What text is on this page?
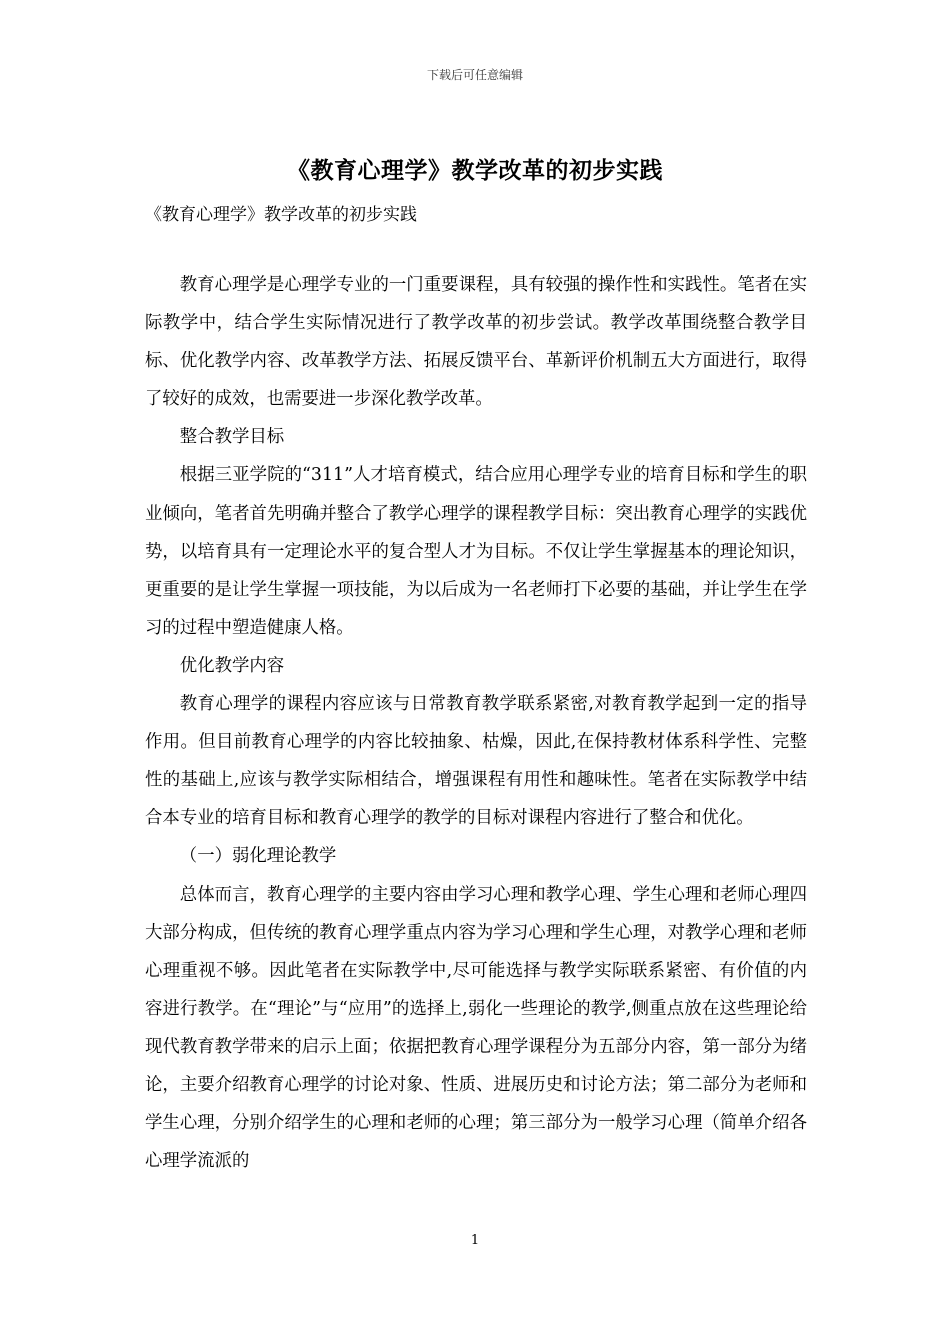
下载后可任意编辑
《教育心理学》教学改革的初步实践
《教育心理学》教学改革的初步实践

教育心理学是心理学专业的一门重要课程，具有较强的操作性和实践性。笔者在实际教学中，结合学生实际情况进行了教学改革的初步尝试。教学改革围绕整合教学目标、优化教学内容、改革教学方法、拓展反馈平台、革新评价机制五大方面进行，取得了较好的成效，也需要进一步深化教学改革。

整合教学目标

根据三亚学院的“311”人才培育模式，结合应用心理学专业的培育目标和学生的职业倾向，笔者首先明确并整合了教学心理学的课程教学目标：突出教育心理学的实践优势，以培育具有一定理论水平的复合型人才为目标。不仅让学生掌握基本的理论知识，更重要的是让学生掌握一项技能，为以后成为一名老师打下必要的基础，并让学生在学习的过程中塑造健康人格。

优化教学内容

教育心理学的课程内容应该与日常教育教学联系紧密,对教育教学起到一定的指导作用。但目前教育心理学的内容比较抽象、枯燥，因此,在保持教材体系科学性、完整性的基础上,应该与教学实际相结合，增强课程有用性和趣味性。笔者在实际教学中结合本专业的培育目标和教育心理学的教学的目标对课程内容进行了整合和优化。

（一）弱化理论教学

总体而言，教育心理学的主要内容由学习心理和教学心理、学生心理和老师心理四大部分构成，但传统的教育心理学重点内容为学习心理和学生心理，对教学心理和老师心理重视不够。因此笔者在实际教学中,尽可能选择与教学实际联系紧密、有价值的内容进行教学。在“理论”与“应用”的选择上,弱化一些理论的教学,侧重点放在这些理论给现代教育教学带来的启示上面；依据把教育心理学课程分为五部分内容，第一部分为绪论，主要介绍教育心理学的讨论对象、性质、进展历史和讨论方法；第二部分为老师和学生心理，分别介绍学生的心理和老师的心理；第三部分为一般学习心理（简单介绍各心理学流派的

1
